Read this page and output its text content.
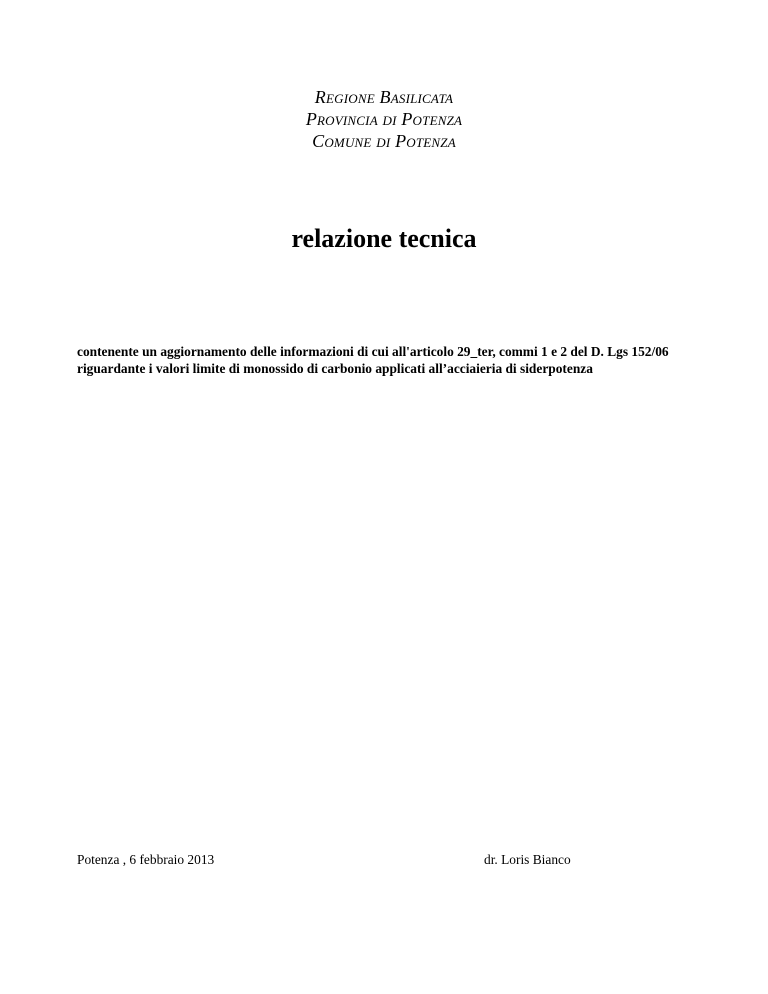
Regione Basilicata
Provincia di Potenza
Comune di Potenza
relazione tecnica
contenente un aggiornamento delle informazioni di cui all'articolo 29_ter, commi 1 e 2 del D. Lgs 152/06 riguardante i valori limite di monossido di carbonio applicati all’acciaieria di siderpotenza
Potenza , 6 febbraio 2013	dr. Loris Bianco
